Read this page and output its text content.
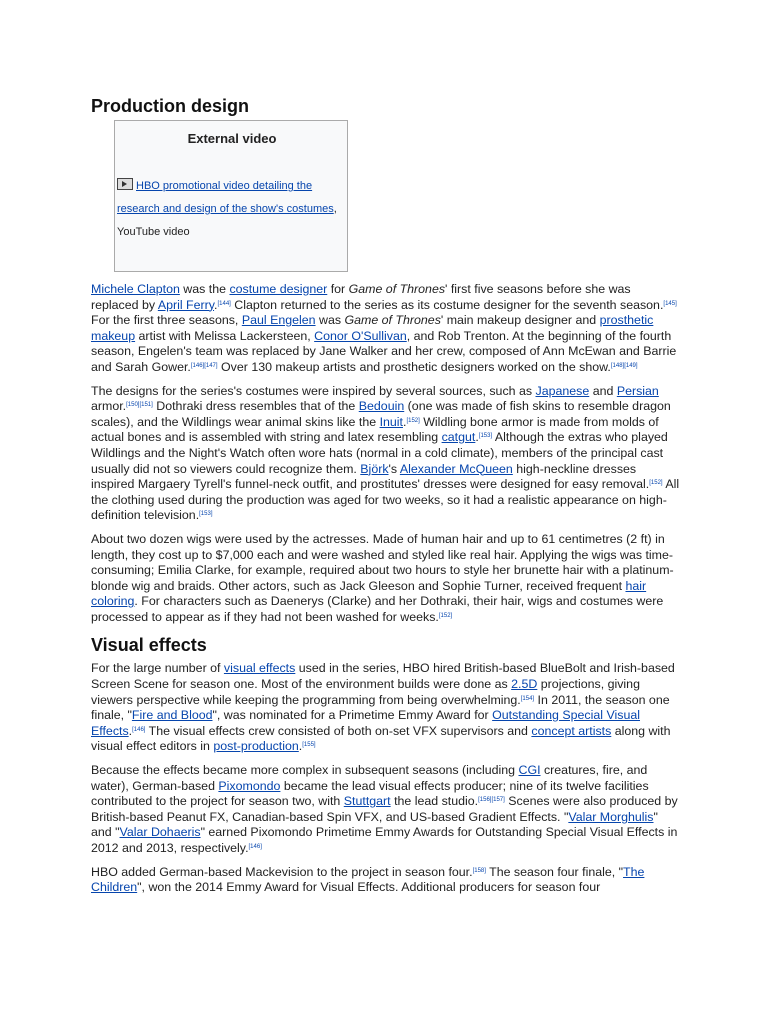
Production design
External video
HBO promotional video detailing the research and design of the show's costumes,
YouTube video

Michele Clapton was the costume designer for Game of Thrones' first five seasons before she was replaced by April Ferry.[144] Clapton returned to the series as its costume designer for the seventh season.[145] For the first three seasons, Paul Engelen was Game of Thrones' main makeup designer and prosthetic makeup artist with Melissa Lackersteen, Conor O'Sullivan, and Rob Trenton. At the beginning of the fourth season, Engelen's team was replaced by Jane Walker and her crew, composed of Ann McEwan and Barrie and Sarah Gower.[146][147] Over 130 makeup artists and prosthetic designers worked on the show.[148][149]

The designs for the series's costumes were inspired by several sources, such as Japanese and Persian armor.[150][151] Dothraki dress resembles that of the Bedouin (one was made of fish skins to resemble dragon scales), and the Wildlings wear animal skins like the Inuit.[152] Wildling bone armor is made from molds of actual bones and is assembled with string and latex resembling catgut.[153] Although the extras who played Wildlings and the Night's Watch often wore hats (normal in a cold climate), members of the principal cast usually did not so viewers could recognize them. Björk's Alexander McQueen high-neckline dresses inspired Margaery Tyrell's funnel-neck outfit, and prostitutes' dresses were designed for easy removal.[152] All the clothing used during the production was aged for two weeks, so it had a realistic appearance on high-definition television.[153]

About two dozen wigs were used by the actresses. Made of human hair and up to 61 centimetres (2 ft) in length, they cost up to $7,000 each and were washed and styled like real hair. Applying the wigs was time-consuming; Emilia Clarke, for example, required about two hours to style her brunette hair with a platinum-blonde wig and braids. Other actors, such as Jack Gleeson and Sophie Turner, received frequent hair coloring. For characters such as Daenerys (Clarke) and her Dothraki, their hair, wigs and costumes were processed to appear as if they had not been washed for weeks.[152]

Visual effects

For the large number of visual effects used in the series, HBO hired British-based BlueBolt and Irish-based Screen Scene for season one. Most of the environment builds were done as 2.5D projections, giving viewers perspective while keeping the programming from being overwhelming.[154] In 2011, the season one finale, "Fire and Blood", was nominated for a Primetime Emmy Award for Outstanding Special Visual Effects.[146] The visual effects crew consisted of both on-set VFX supervisors and concept artists along with visual effect editors in post-production.[155]

Because the effects became more complex in subsequent seasons (including CGI creatures, fire, and water), German-based Pixomondo became the lead visual effects producer; nine of its twelve facilities contributed to the project for season two, with Stuttgart the lead studio.[156][157] Scenes were also produced by British-based Peanut FX, Canadian-based Spin VFX, and US-based Gradient Effects. "Valar Morghulis" and "Valar Dohaeris" earned Pixomondo Primetime Emmy Awards for Outstanding Special Visual Effects in 2012 and 2013, respectively.[146]

HBO added German-based Mackevision to the project in season four.[158] The season four finale, "The Children", won the 2014 Emmy Award for Visual Effects. Additional producers for season four
